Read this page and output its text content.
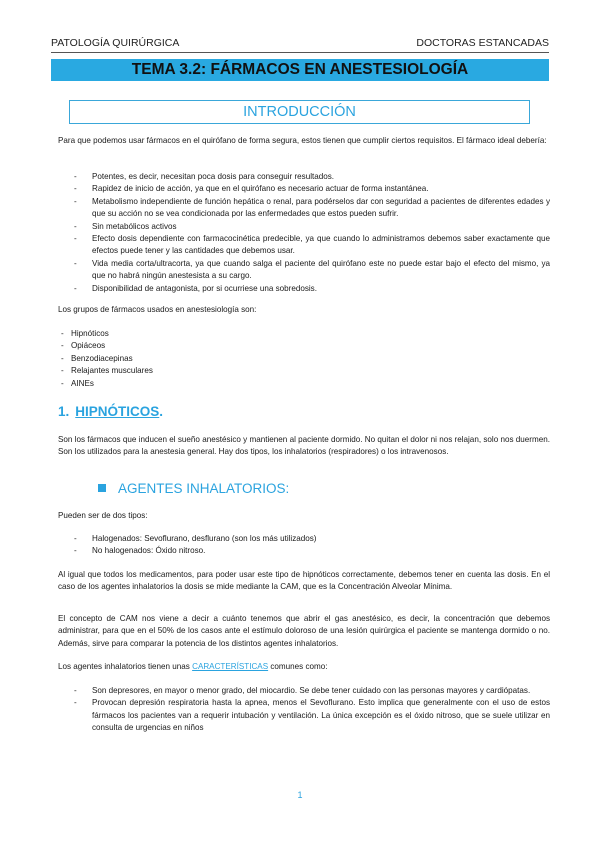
PATOLOGÍA QUIRÚRGICA	DOCTORAS ESTANCADAS
TEMA 3.2: FÁRMACOS EN ANESTESIOLOGÍA
INTRODUCCIÓN
Para que podemos usar fármacos en el quirófano de forma segura, estos tienen que cumplir ciertos requisitos. El fármaco ideal debería:
- Potentes, es decir, necesitan poca dosis para conseguir resultados.
- Rapidez de inicio de acción, ya que en el quirófano es necesario actuar de forma instantánea.
- Metabolismo independiente de función hepática o renal, para podérselos dar con seguridad a pacientes de diferentes edades y que su acción no se vea condicionada por las enfermedades que estos pueden sufrir.
- Sin metabólicos activos
- Efecto dosis dependiente con farmacocinética predecible, ya que cuando lo administramos debemos saber exactamente que efectos puede tener y las cantidades que debemos usar.
- Vida media corta/ultracorta, ya que cuando salga el paciente del quirófano este no puede estar bajo el efecto del mismo, ya que no habrá ningún anestesista a su cargo.
- Disponibilidad de antagonista, por si ocurriese una sobredosis.
Los grupos de fármacos usados en anestesiología son:
- Hipnóticos
- Opiáceos
- Benzodiacepinas
- Relajantes musculares
- AINEs
1. HIPNÓTICOS.
Son los fármacos que inducen el sueño anestésico y mantienen al paciente dormido. No quitan el dolor ni nos relajan, solo nos duermen. Son los utilizados para la anestesia general. Hay dos tipos, los inhalatorios (respiradores) o los intravenosos.
AGENTES INHALATORIOS:
Pueden ser de dos tipos:
- Halogenados: Sevoflurano, desflurano (son los más utilizados)
- No halogenados: Óxido nitroso.
Al igual que todos los medicamentos, para poder usar este tipo de hipnóticos correctamente, debemos tener en cuenta las dosis. En el caso de los agentes inhalatorios la dosis se mide mediante la CAM, que es la Concentración Alveolar Mínima.
El concepto de CAM nos viene a decir a cuánto tenemos que abrir el gas anestésico, es decir, la concentración que debemos administrar, para que en el 50% de los casos ante el estímulo doloroso de una lesión quirúrgica el paciente se mantenga dormido o no. Además, sirve para comparar la potencia de los distintos agentes inhalatorios.
Los agentes inhalatorios tienen unas CARACTERÍSTICAS comunes como:
- Son depresores, en mayor o menor grado, del miocardio. Se debe tener cuidado con las personas mayores y cardiópatas.
- Provocan depresión respiratoria hasta la apnea, menos el Sevoflurano. Esto implica que generalmente con el uso de estos fármacos los pacientes van a requerir intubación y ventilación. La única excepción es el óxido nitroso, que se suele utilizar en consulta de urgencias en niños
1
